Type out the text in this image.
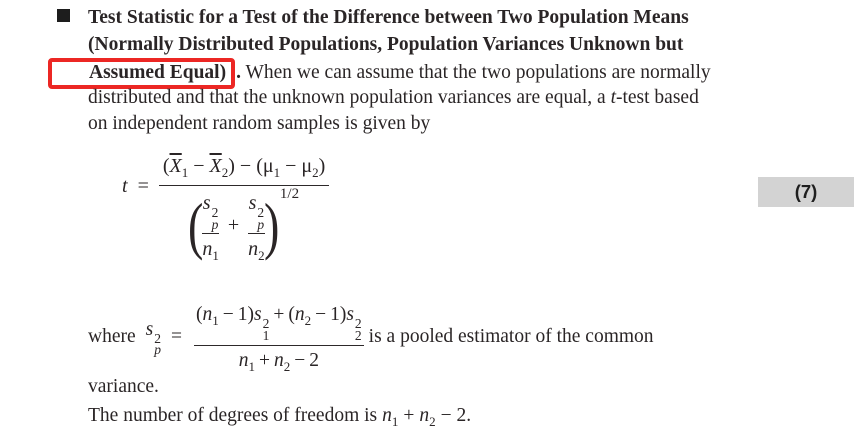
Test Statistic for a Test of the Difference between Two Population Means
(Normally Distributed Populations, Population Variances Unknown but
Assumed Equal) . When we can assume that the two populations are normally
distributed and that the unknown population variances are equal, a t-test based
on independent random samples is given by
t =
$(\overline{X}_1 - \overline{X}_2) - (\mu_1 - \mu_2)$
(
s 2
p
$n_1 + s$ 2
p
$n_2$
) 1/2	(7)
where s 2
p
= $(n_1 - 1)s$ 2
1
+ $(n_2 - 1)s$ 2
2
$n_1 + n_2 - 2$ is a pooled estimator of the common
variance.
The number of degrees of freedom is $n_1 + n_2 - 2$.
